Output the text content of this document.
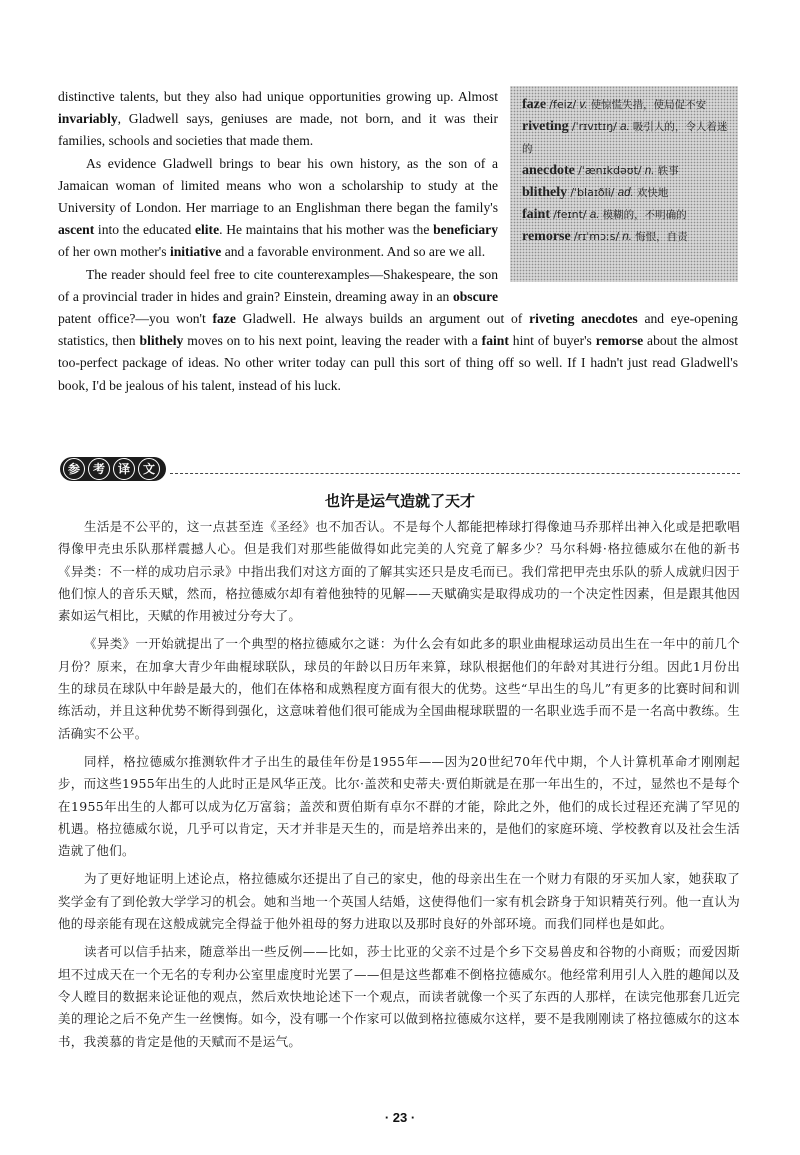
faze /feiz/ v. 使惊慌失措，使局促不安
riveting /ˈrɪvɪtɪŋ/ a. 吸引人的，令人着迷的
anecdote /ˈænɪkdəʊt/ n. 轶事
blithely /ˈblaɪðli/ ad. 欢快地
faint /feɪnt/ a. 模糊的，不明确的
remorse /rɪˈmɔːs/ n. 悔恨，自责

distinctive talents, but they also had unique opportunities growing up. Almost invariably, Gladwell says, geniuses are made, not born, and it was their families, schools and societies that made them.

As evidence Gladwell brings to bear his own history, as the son of a Jamaican woman of limited means who won a scholarship to study at the University of London. Her marriage to an Englishman there began the family's ascent into the educated elite. He maintains that his mother was the beneficiary of her own mother's initiative and a favorable environment. And so are we all.

The reader should feel free to cite counterexamples—Shakespeare, the son of a provincial trader in hides and grain? Einstein, dreaming away in an obscure patent office?—you won't faze Gladwell. He always builds an argument out of riveting anecdotes and eye-opening statistics, then blithely moves on to his next point, leaving the reader with a faint hint of buyer's remorse about the almost too-perfect package of ideas. No other writer today can pull this sort of thing off so well. If I hadn't just read Gladwell's book, I'd be jealous of his talent, instead of his luck.

参	考	译	文
也许是运气造就了天才

生活是不公平的，这一点甚至连《圣经》也不加否认。不是每个人都能把棒球打得像迪马乔那样出神入化或是把歌唱得像甲壳虫乐队那样震撼人心。但是我们对那些能做得如此完美的人究竟了解多少？马尔科姆·格拉德威尔在他的新书《异类：不一样的成功启示录》中指出我们对这方面的了解其实还只是皮毛而已。我们常把甲壳虫乐队的骄人成就归因于他们惊人的音乐天赋，然而，格拉德威尔却有着他独特的见解——天赋确实是取得成功的一个决定性因素，但是跟其他因素如运气相比，天赋的作用被过分夸大了。

《异类》一开始就提出了一个典型的格拉德威尔之谜：为什么会有如此多的职业曲棍球运动员出生在一年中的前几个月份？原来，在加拿大青少年曲棍球联队，球员的年龄以日历年来算，球队根据他们的年龄对其进行分组。因此1月份出生的球员在球队中年龄是最大的，他们在体格和成熟程度方面有很大的优势。这些“早出生的鸟儿”有更多的比赛时间和训练活动，并且这种优势不断得到强化，这意味着他们很可能成为全国曲棍球联盟的一名职业选手而不是一名高中教练。生活确实不公平。

同样，格拉德威尔推测软件才子出生的最佳年份是1955年——因为20世纪70年代中期，个人计算机革命才刚刚起步，而这些1955年出生的人此时正是风华正茂。比尔·盖茨和史蒂夫·贾伯斯就是在那一年出生的，不过，显然也不是每个在1955年出生的人都可以成为亿万富翁；盖茨和贾伯斯有卓尔不群的才能，除此之外，他们的成长过程还充满了罕见的机遇。格拉德威尔说，几乎可以肯定，天才并非是天生的，而是培养出来的，是他们的家庭环境、学校教育以及社会生活造就了他们。

为了更好地证明上述论点，格拉德威尔还提出了自己的家史，他的母亲出生在一个财力有限的牙买加人家，她获取了奖学金有了到伦敦大学学习的机会。她和当地一个英国人结婚，这使得他们一家有机会跻身于知识精英行列。他一直认为他的母亲能有现在这般成就完全得益于他外祖母的努力进取以及那时良好的外部环境。而我们同样也是如此。

读者可以信手拈来，随意举出一些反例——比如，莎士比亚的父亲不过是个乡下交易兽皮和谷物的小商贩；而爱因斯坦不过成天在一个无名的专利办公室里虚度时光罢了——但是这些都难不倒格拉德威尔。他经常利用引人入胜的趣闻以及令人瞠目的数据来论证他的观点，然后欢快地论述下一个观点，而读者就像一个买了东西的人那样，在读完他那套几近完美的理论之后不免产生一丝懊悔。如今，没有哪一个作家可以做到格拉德威尔这样，要不是我刚刚读了格拉德威尔的这本书，我羡慕的肯定是他的天赋而不是运气。

· 23 ·
